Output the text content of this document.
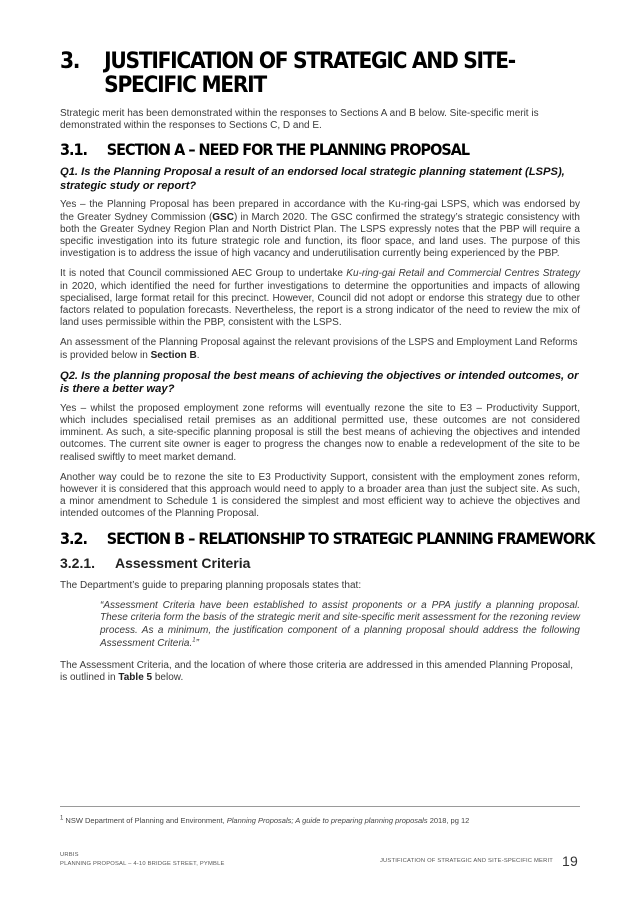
3.	JUSTIFICATION OF STRATEGIC AND SITE-SPECIFIC MERIT

Strategic merit has been demonstrated within the responses to Sections A and B below. Site-specific merit is demonstrated within the responses to Sections C, D and E.

3.1.	SECTION A – NEED FOR THE PLANNING PROPOSAL
Q1. Is the Planning Proposal a result of an endorsed local strategic planning statement (LSPS), strategic study or report?

Yes – the Planning Proposal has been prepared in accordance with the Ku-ring-gai LSPS, which was endorsed by the Greater Sydney Commission (GSC) in March 2020. The GSC confirmed the strategy’s strategic consistency with both the Greater Sydney Region Plan and North District Plan. The LSPS expressly notes that the PBP will require a specific investigation into its future strategic role and function, its floor space, and land uses. The purpose of this investigation is to address the issue of high vacancy and underutilisation currently being experienced by the PBP.

It is noted that Council commissioned AEC Group to undertake Ku-ring-gai Retail and Commercial Centres Strategy in 2020, which identified the need for further investigations to determine the opportunities and impacts of allowing specialised, large format retail for this precinct. However, Council did not adopt or endorse this strategy due to other factors related to population forecasts. Nevertheless, the report is a strong indicator of the need to review the mix of land uses permissible within the PBP, consistent with the LSPS.

An assessment of the Planning Proposal against the relevant provisions of the LSPS and Employment Land Reforms is provided below in Section B.

Q2. Is the planning proposal the best means of achieving the objectives or intended outcomes, or is there a better way?

Yes – whilst the proposed employment zone reforms will eventually rezone the site to E3 – Productivity Support, which includes specialised retail premises as an additional permitted use, these outcomes are not considered imminent. As such, a site-specific planning proposal is still the best means of achieving the objectives and intended outcomes. The current site owner is eager to progress the changes now to enable a redevelopment of the site to be realised swiftly to meet market demand.

Another way could be to rezone the site to E3 Productivity Support, consistent with the employment zones reform, however it is considered that this approach would need to apply to a broader area than just the subject site. As such, a minor amendment to Schedule 1 is considered the simplest and most efficient way to achieve the objectives and intended outcomes of the Planning Proposal.

3.2.	SECTION B – RELATIONSHIP TO STRATEGIC PLANNING FRAMEWORK
3.2.1.	Assessment Criteria

The Department’s guide to preparing planning proposals states that:

“Assessment Criteria have been established to assist proponents or a PPA justify a planning proposal. These criteria form the basis of the strategic merit and site-specific merit assessment for the rezoning review process. As a minimum, the justification component of a planning proposal should address the following Assessment Criteria.$^1$”

The Assessment Criteria, and the location of where those criteria are addressed in this amended Planning Proposal, is outlined in Table 5 below.

$^1$ NSW Department of Planning and Environment, Planning Proposals; A guide to preparing planning proposals 2018, pg 12
URBIS
PLANNING PROPOSAL – 4-10 BRIDGE STREET, PYMBLE	JUSTIFICATION OF STRATEGIC AND SITE-SPECIFIC MERIT 19
